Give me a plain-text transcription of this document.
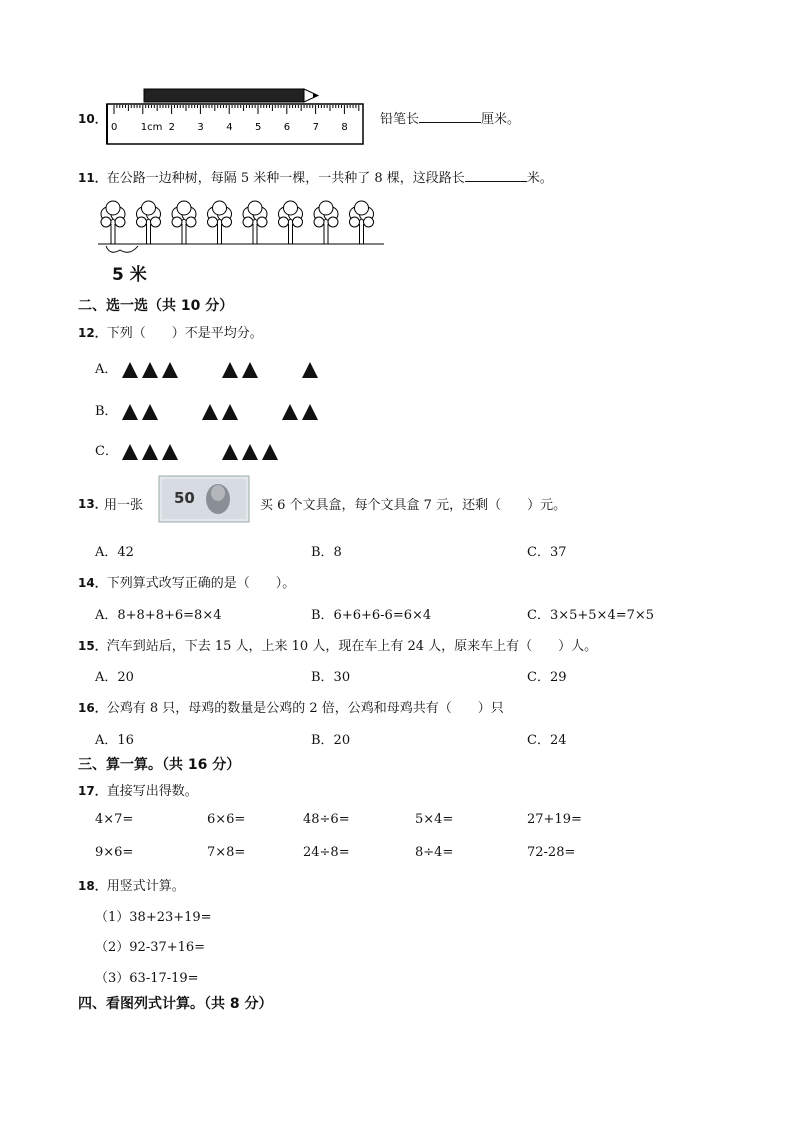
10．
0 1cm 2 3 4 5 6 7 8
铅笔长	厘米。
11．在公路一边种树，每隔 5 米种一棵，一共种了 8 棵，这段路长	米。
5 米
二、选一选（共 10 分）
12．下列（　　）不是平均分。
A．
B．
C．
13．
用一张 50	买 6 个文具盒，每个文具盒 7 元，还剩（　　）元。
A．42	B．8	C．37
14．下列算式改写正确的是（　　）。
A．8+8+8+6=8×4	B．6+6+6-6=6×4	C．3×5+5×4=7×5
15．汽车到站后，下去 15 人，上来 10 人，现在车上有 24 人，原来车上有（　　）人。
A．20	B．30	C．29
16．公鸡有 8 只，母鸡的数量是公鸡的 2 倍，公鸡和母鸡共有（　　）只
A．16	B．20	C．24
三、算一算。（共 16 分）
17．直接写出得数。
4×7=	6×6=	48÷6=	5×4=	27+19=
9×6=	7×8=	24÷8=	8÷4=	72-28=
18．用竖式计算。
（1）38+23+19=
（2）92-37+16=
（3）63-17-19=
四、看图列式计算。（共 8 分）
